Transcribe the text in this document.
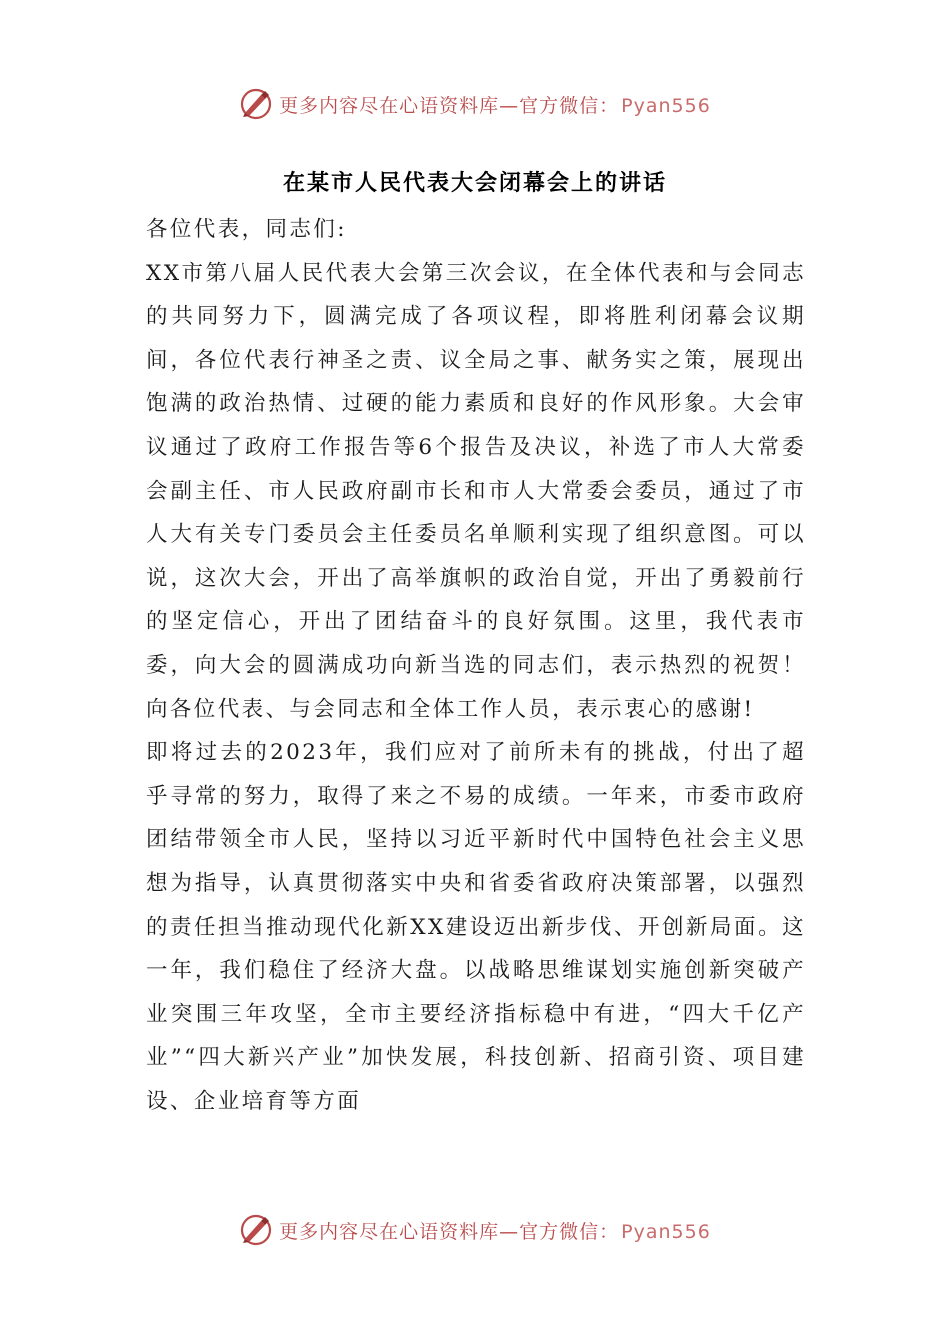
更多内容尽在心语资料库—官方微信： Pyan556
在某市人民代表大会闭幕会上的讲话

各位代表，同志们:

XX市第八届人民代表大会第三次会议，在全体代表和与会同志的共同努力下，圆满完成了各项议程，即将胜利闭幕会议期间，各位代表行神圣之责、议全局之事、献务实之策，展现出饱满的政治热情、过硬的能力素质和良好的作风形象。大会审议通过了政府工作报告等6个报告及决议，补选了市人大常委会副主任、市人民政府副市长和市人大常委会委员，通过了市人大有关专门委员会主任委员名单顺利实现了组织意图。可以说，这次大会，开出了高举旗帜的政治自觉，开出了勇毅前行的坚定信心，开出了团结奋斗的良好氛围。这里，我代表市委，向大会的圆满成功向新当选的同志们，表示热烈的祝贺！向各位代表、与会同志和全体工作人员，表示衷心的感谢!

即将过去的2023年，我们应对了前所未有的挑战，付出了超乎寻常的努力，取得了来之不易的成绩。一年来，市委市政府团结带领全市人民，坚持以习近平新时代中国特色社会主义思想为指导，认真贯彻落实中央和省委省政府决策部署，以强烈的责任担当推动现代化新XX建设迈出新步伐、开创新局面。这一年，我们稳住了经济大盘。以战略思维谋划实施创新突破产业突围三年攻坚，全市主要经济指标稳中有进，“四大千亿产业”“四大新兴产业”加快发展，科技创新、招商引资、项目建设、企业培育等方面

更多内容尽在心语资料库—官方微信： Pyan556
